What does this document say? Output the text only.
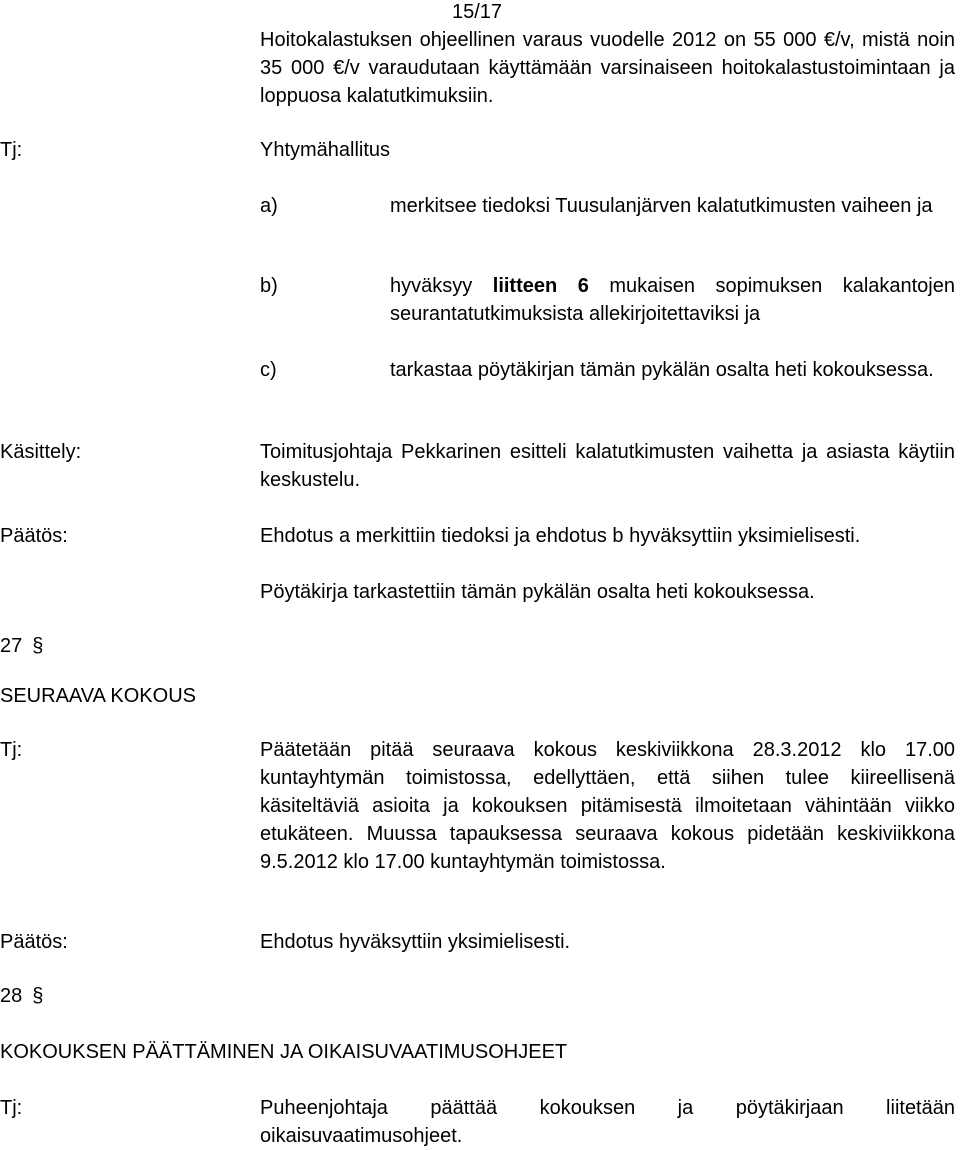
15/17
Hoitokalastuksen ohjeellinen varaus vuodelle 2012 on 55 000 €/v, mistä noin 35 000 €/v varaudutaan käyttämään varsinaiseen hoitokalastustoimintaan ja loppuosa kalatutkimuksiin.
Tj:	Yhtymähallitus
a)	merkitsee tiedoksi Tuusulanjärven kalatutkimusten vaiheen ja
b)	hyväksyy liitteen 6 mukaisen sopimuksen kalakantojen seurantatutkimuksista allekirjoitettaviksi ja
c)	tarkastaa pöytäkirjan tämän pykälän osalta heti kokouksessa.
Käsittely:	Toimitusjohtaja Pekkarinen esitteli kalatutkimusten vaihetta ja asiasta käytiin keskustelu.
Päätös:	Ehdotus a merkittiin tiedoksi ja ehdotus b hyväksyttiin yksimielisesti.
Pöytäkirja tarkastettiin tämän pykälän osalta heti kokouksessa.
27 §
SEURAAVA KOKOUS
Tj:	Päätetään pitää seuraava kokous keskiviikkona 28.3.2012 klo 17.00 kuntayhtymän toimistossa, edellyttäen, että siihen tulee kiireellisenä käsiteltäviä asioita ja kokouksen pitämisestä ilmoitetaan vähintään viikko etukäteen. Muussa tapauksessa seuraava kokous pidetään keskiviikkona 9.5.2012 klo 17.00 kuntayhtymän toimistossa.
Päätös:	Ehdotus hyväksyttiin yksimielisesti.
28 §
KOKOUKSEN PÄÄTTÄMINEN JA OIKAISUVAATIMUSOHJEET
Tj:	Puheenjohtaja päättää kokouksen ja pöytäkirjaan liitetään oikaisuvaatimusohjeet.
